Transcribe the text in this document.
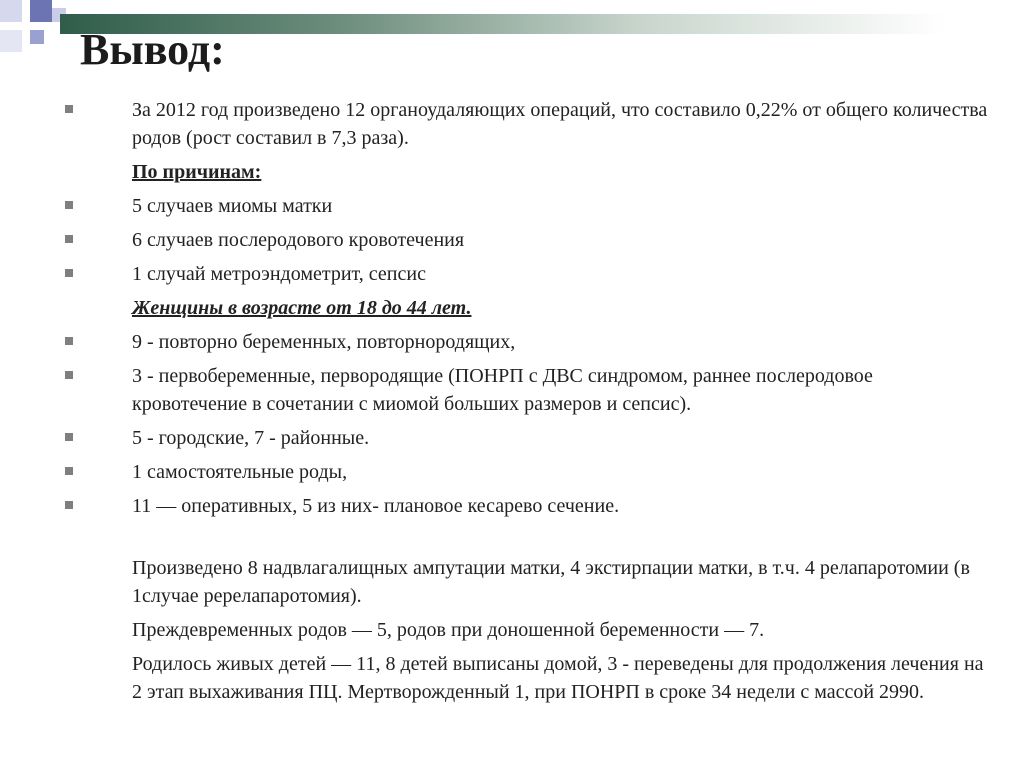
Вывод:
За 2012 год произведено 12 органоудаляющих операций, что составило 0,22% от общего количества родов (рост составил в 7,3 раза).
По причинам:
5 случаев миомы матки
6 случаев послеродового кровотечения
1 случай метроэндометрит, сепсис
Женщины в возрасте от 18 до 44 лет.
9 - повторно беременных, повторнородящих,
3 - первобеременные, первородящие (ПОНРП с ДВС синдромом, раннее послеродовое кровотечение в сочетании с миомой больших размеров и сепсис).
5 - городские, 7 - районные.
1 самостоятельные роды,
11 — оперативных, 5 из них- плановое кесарево сечение.
Произведено 8 надвлагалищных ампутации матки, 4 экстирпации матки, в т.ч. 4 релапаротомии (в 1случае ререлапаротомия).
Преждевременных родов — 5, родов при доношенной беременности — 7.
Родилось живых детей — 11, 8 детей выписаны домой, 3 - переведены для продолжения лечения на 2 этап выхаживания ПЦ. Мертворожденный 1, при ПОНРП в сроке 34 недели с массой 2990.
